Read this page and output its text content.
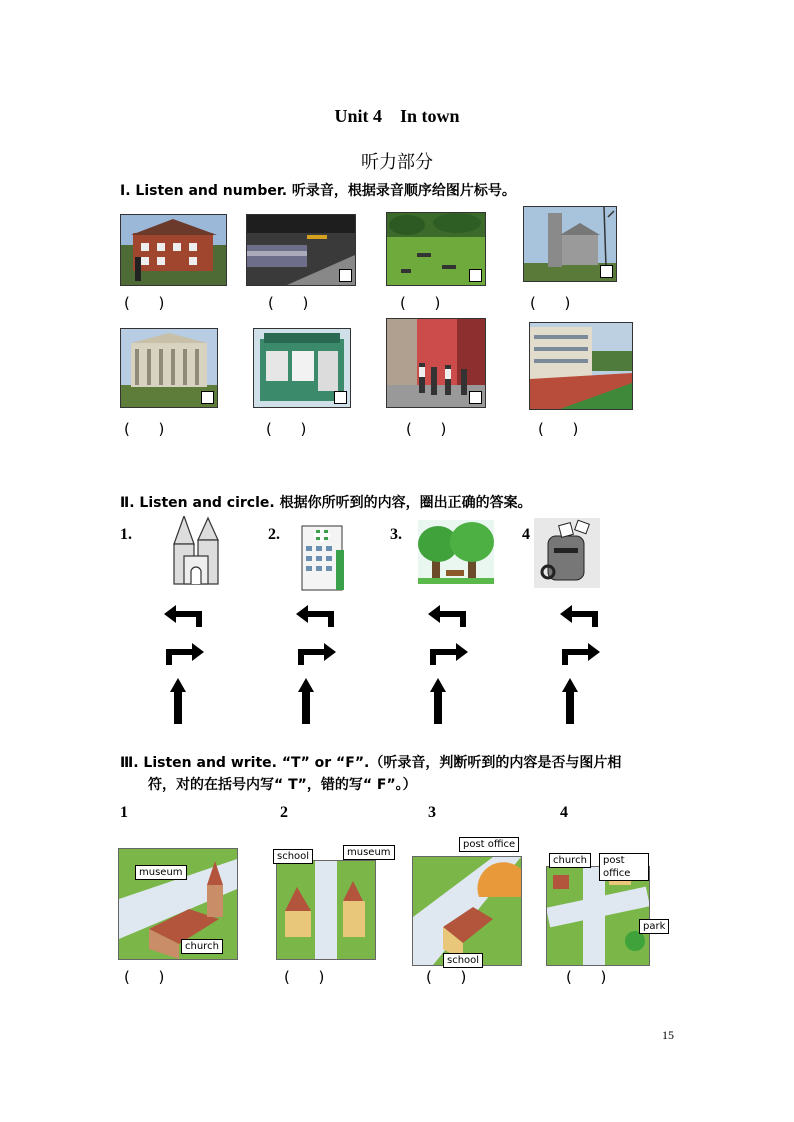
Unit 4    In town
听力部分
Ⅰ. Listen and number. 听录音，根据录音顺序给图片标号。
(      )	(      )	(      )	(      )
(      )	(      )	(      )	(      )
Ⅱ. Listen and circle. 根据你所听到的内容，圈出正确的答案。
1.	2.	3.	4
Ⅲ. Listen and write. “T” or “F”.（听录音，判断听到的内容是否与图片相
符，对的在括号内写“ T”，错的写“ F”。）
1	2	3	4
museum
church
school	museum
post office
school
church	post office
park
(      )	(      )	(      )	(      )
15
